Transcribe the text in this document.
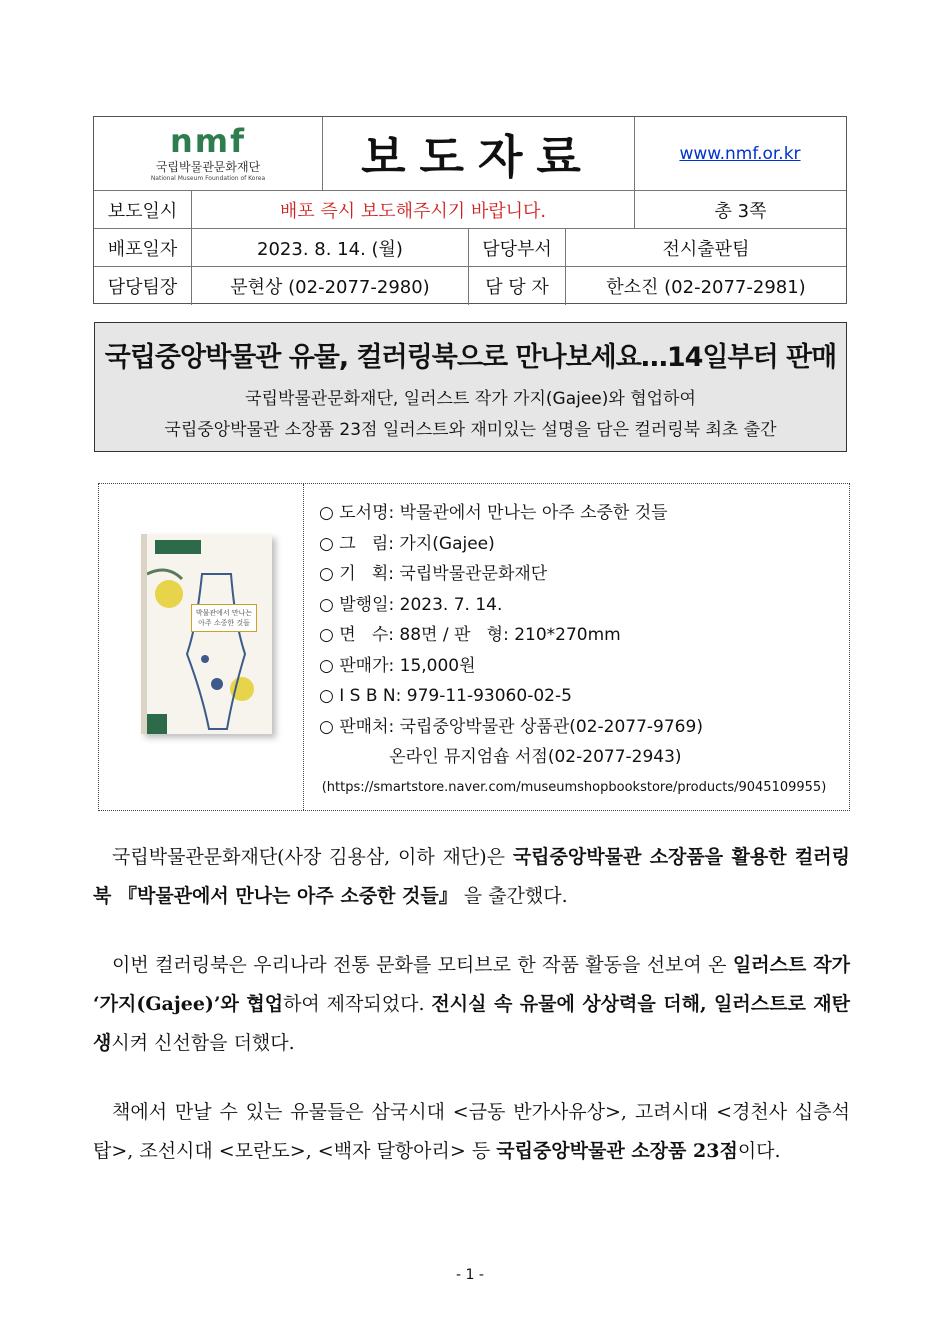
nmf
국립박물관문화재단
National Museum Foundation of Korea	보도자료	www.nmf.or.kr
보도일시	배포 즉시 보도해주시기 바랍니다.	총 3쪽
배포일자	2023. 8. 14. (월)	담당부서	전시출판팀
담당팀장	문현상 (02-2077-2980)	담 당 자	한소진 (02-2077-2981)
국립중앙박물관 유물, 컬러링북으로 만나보세요…14일부터 판매
국립박물관문화재단, 일러스트 작가 가지(Gajee)와 협업하여
국립중앙박물관 소장품 23점 일러스트와 재미있는 설명을 담은 컬러링북 최초 출간
박물관에서 만나는 아주 소중한 것들
○ 도서명: 박물관에서 만나는 아주 소중한 것들
○ 그   림: 가지(Gajee)
○ 기   획: 국립박물관문화재단
○ 발행일: 2023. 7. 14.
○ 면   수: 88면 / 판   형: 210*270mm
○ 판매가: 15,000원
○ I S B N: 979-11-93060-02-5
○ 판매처: 국립중앙박물관 상품관(02-2077-9769)
온라인 뮤지엄숍 서점(02-2077-2943)
(https://smartstore.naver.com/museumshopbookstore/products/9045109955)
국립박물관문화재단(사장 김용삼, 이하 재단)은 국립중앙박물관 소장품을 활용한 컬러링북 『박물관에서 만나는 아주 소중한 것들』 을 출간했다.
이번 컬러링북은 우리나라 전통 문화를 모티브로 한 작품 활동을 선보여 온 일러스트 작가 ‘가지(Gajee)’와 협업하여 제작되었다. 전시실 속 유물에 상상력을 더해, 일러스트로 재탄생시켜 신선함을 더했다.
책에서 만날 수 있는 유물들은 삼국시대 <금동 반가사유상>, 고려시대 <경천사 십층석탑>, 조선시대 <모란도>, <백자 달항아리> 등 국립중앙박물관 소장품 23점이다.
- 1 -
